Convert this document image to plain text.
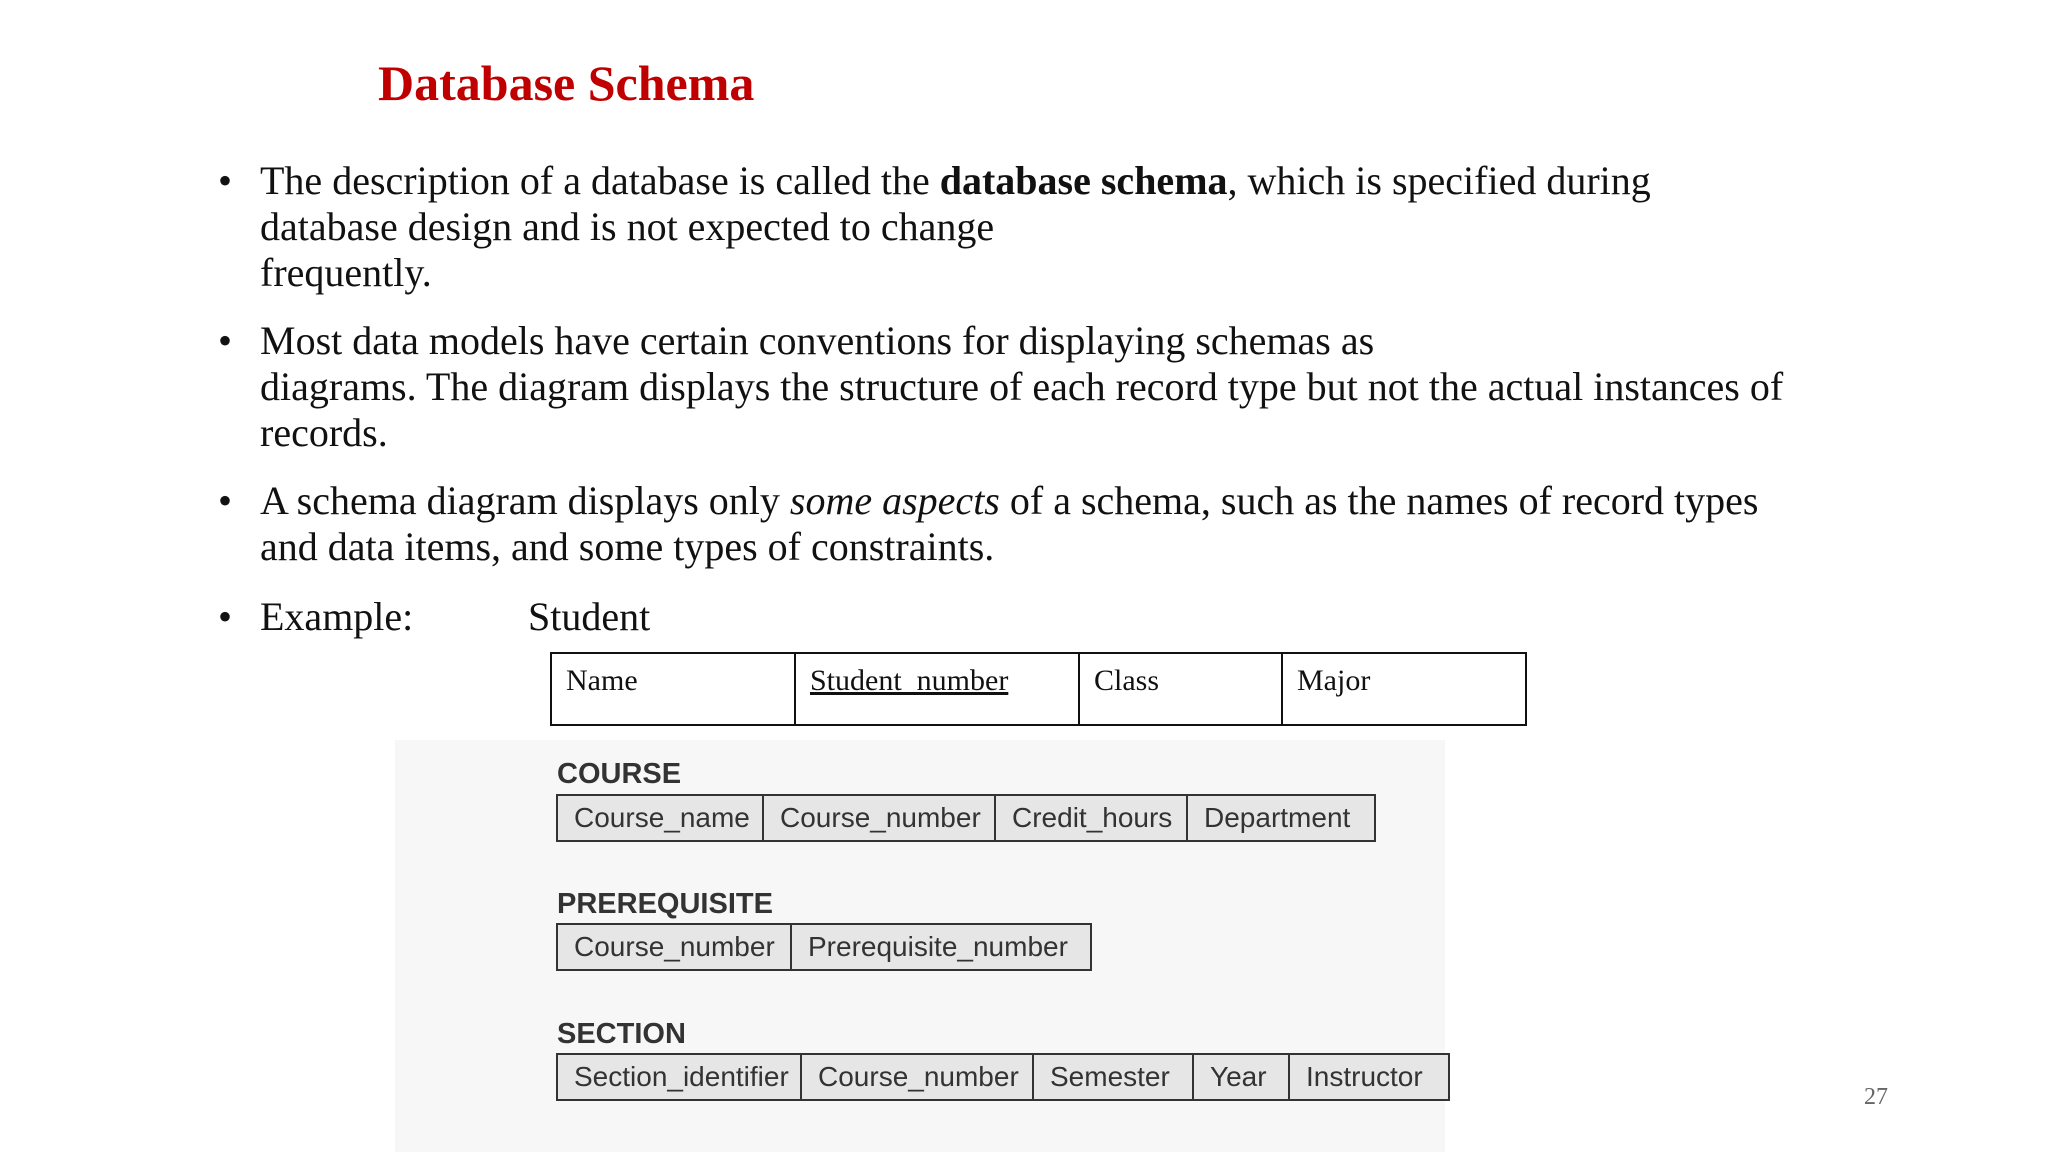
Database Schema
• The description of a database is called the database schema, which is specified during
database design and is not expected to change
frequently.
• Most data models have certain conventions for displaying schemas as
diagrams. The diagram displays the structure of each record type but not the actual instances of
records.
• A schema diagram displays only some aspects of a schema, such as the names of record types
and data items, and some types of constraints.
• Example:	Student
Name	Student_number	Class	Major
COURSE
Course_name	Course_number	Credit_hours	Department
PREREQUISITE
Course_number	Prerequisite_number
SECTION
Section_identifier	Course_number	Semester	Year	Instructor
27
